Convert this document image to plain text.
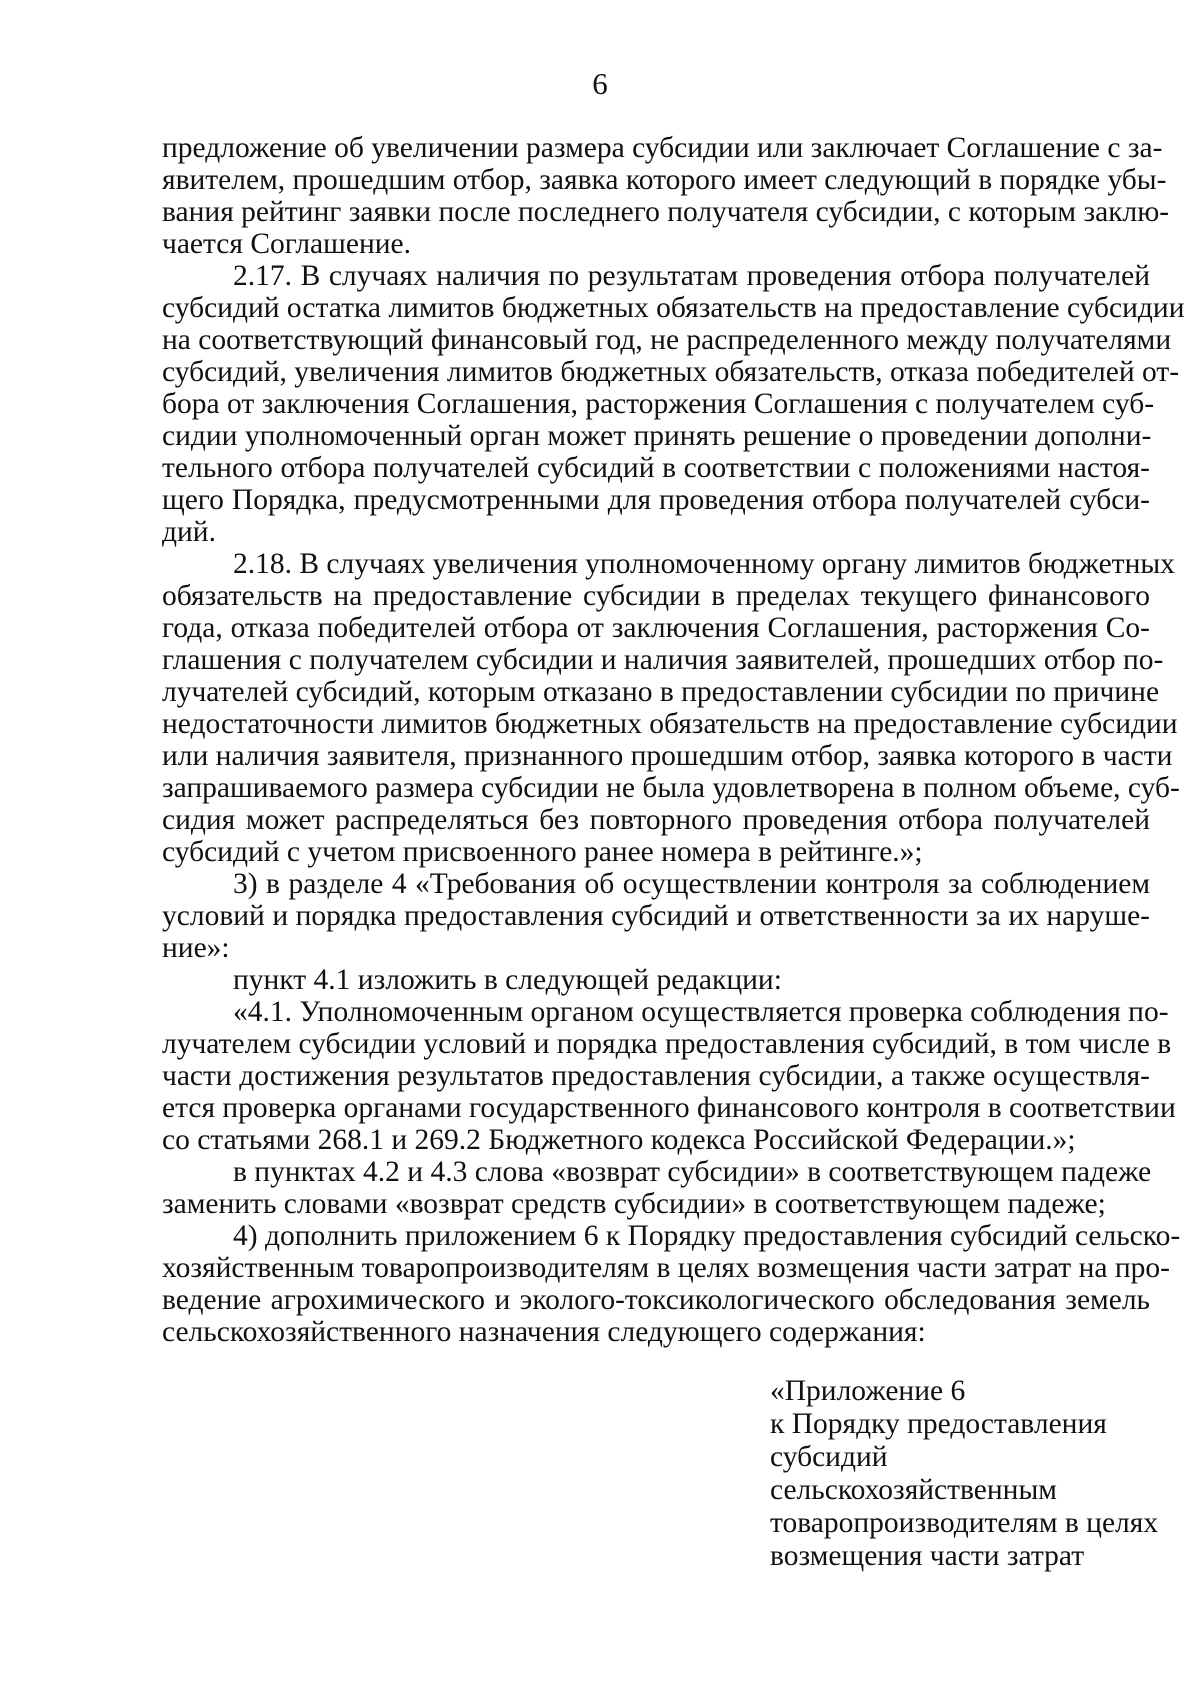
6
предложение об увеличении размера субсидии или заключает Соглашение с за-
явителем, прошедшим отбор, заявка которого имеет следующий в порядке убы-
вания рейтинг заявки после последнего получателя субсидии, с которым заклю-
чается Соглашение.
2.17. В случаях наличия по результатам проведения отбора получателей
субсидий остатка лимитов бюджетных обязательств на предоставление субсидии
на соответствующий финансовый год, не распределенного между получателями
субсидий, увеличения лимитов бюджетных обязательств, отказа победителей от-
бора от заключения Соглашения, расторжения Соглашения с получателем суб-
сидии уполномоченный орган может принять решение о проведении дополни-
тельного отбора получателей субсидий в соответствии с положениями настоя-
щего Порядка, предусмотренными для проведения отбора получателей субси-
дий.
2.18. В случаях увеличения уполномоченному органу лимитов бюджетных
обязательств на предоставление субсидии в пределах текущего финансового
года, отказа победителей отбора от заключения Соглашения, расторжения Со-
глашения с получателем субсидии и наличия заявителей, прошедших отбор по-
лучателей субсидий, которым отказано в предоставлении субсидии по причине
недостаточности лимитов бюджетных обязательств на предоставление субсидии
или наличия заявителя, признанного прошедшим отбор, заявка которого в части
запрашиваемого размера субсидии не была удовлетворена в полном объеме, суб-
сидия может распределяться без повторного проведения отбора получателей
субсидий с учетом присвоенного ранее номера в рейтинге.»;
3) в разделе 4 «Требования об осуществлении контроля за соблюдением
условий и порядка предоставления субсидий и ответственности за их наруше-
ние»:
пункт 4.1 изложить в следующей редакции:
«4.1. Уполномоченным органом осуществляется проверка соблюдения по-
лучателем субсидии условий и порядка предоставления субсидий, в том числе в
части достижения результатов предоставления субсидии, а также осуществля-
ется проверка органами государственного финансового контроля в соответствии
со статьями 268.1 и 269.2 Бюджетного кодекса Российской Федерации.»;
в пунктах 4.2 и 4.3 слова «возврат субсидии» в соответствующем падеже
заменить словами «возврат средств субсидии» в соответствующем падеже;
4) дополнить приложением 6 к Порядку предоставления субсидий сельско-
хозяйственным товаропроизводителям в целях возмещения части затрат на про-
ведение агрохимического и эколого-токсикологического обследования земель
сельскохозяйственного назначения следующего содержания:
«Приложение 6
к Порядку предоставления
субсидий
сельскохозяйственным
товаропроизводителям в целях
возмещения части затрат
